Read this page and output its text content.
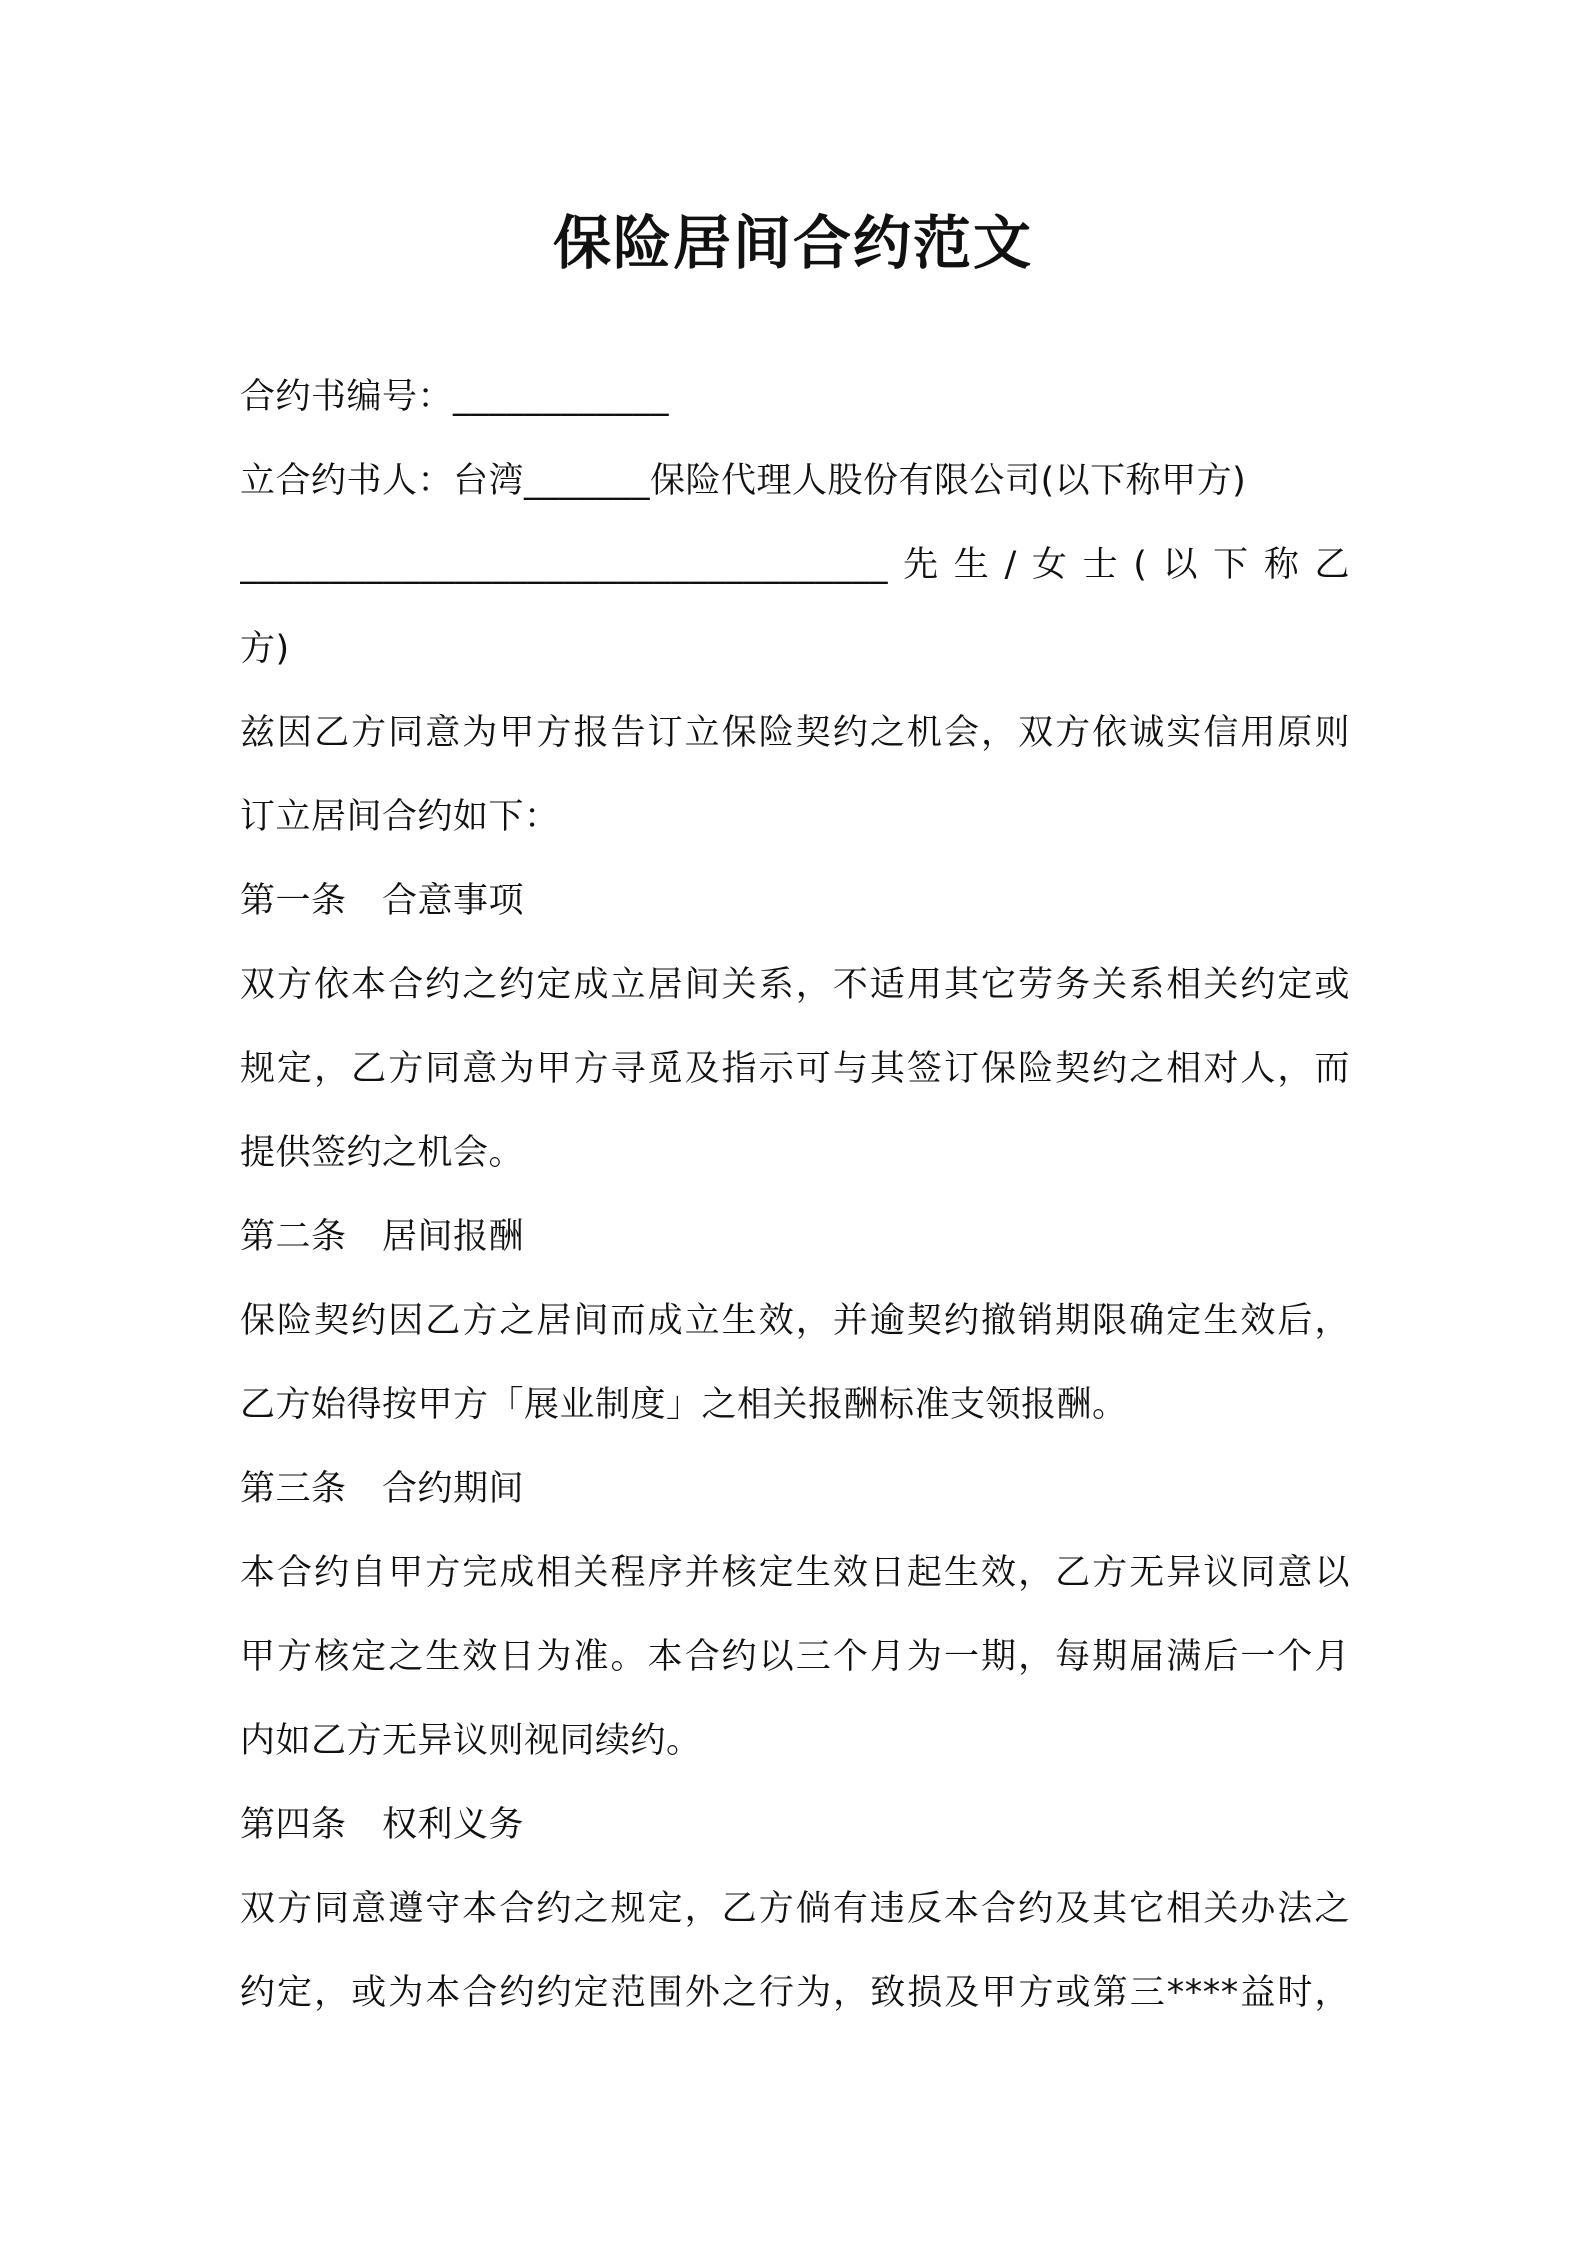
保险居间合约范文
合约书编号：____________
立合约书人：台湾_______保险代理人股份有限公司(以下称甲方)
____________________________________先生/女士(以下称乙
方)
兹因乙方同意为甲方报告订立保险契约之机会，双方依诚实信用原则
订立居间合约如下：
第一条　合意事项
双方依本合约之约定成立居间关系，不适用其它劳务关系相关约定或
规定，乙方同意为甲方寻觅及指示可与其签订保险契约之相对人，而
提供签约之机会。
第二条　居间报酬
保险契约因乙方之居间而成立生效，并逾契约撤销期限确定生效后，
乙方始得按甲方「展业制度」之相关报酬标准支领报酬。
第三条　合约期间
本合约自甲方完成相关程序并核定生效日起生效，乙方无异议同意以
甲方核定之生效日为准。本合约以三个月为一期，每期届满后一个月
内如乙方无异议则视同续约。
第四条　权利义务
双方同意遵守本合约之规定，乙方倘有违反本合约及其它相关办法之
约定，或为本合约约定范围外之行为，致损及甲方或第三****益时，
